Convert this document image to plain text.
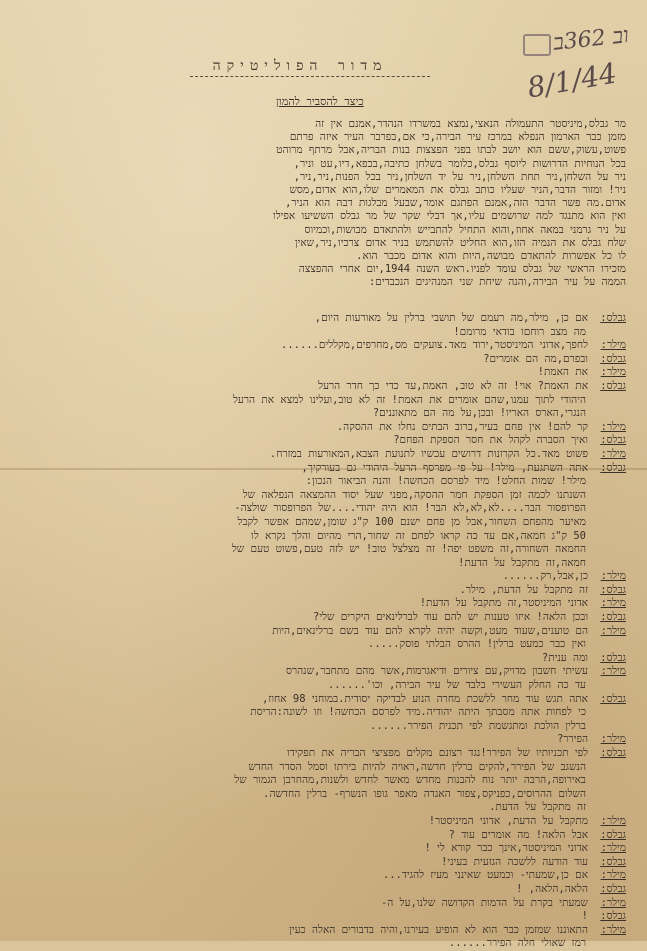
וב 362ב
8/1/44
מדור הפוליטיקה
כיצד להסביר להמון
מר גבלס,מיניסטר התעמולה הנאצי,נמצא במשרדו הנהדר,אמנם אין זה
מזמן כבר הארמון הנפלא במרכז עיר הבירה,כי אם,בפרבר העיר איזה פרתם
פשוט,עשוק,ששם הוא יושב לבתו בפני הפצצות בנות הבריה,אבל מרתף מרוהט
בכל הנוחיות הדרושות ליוסף גבלס,כלומר בשלחן כתיבה,בכפא,דיו,עט וניר,
ניר על השלחן,ניר תחת השלחן,ניר על יד השלחן,ניר בכל הפנות,ניר,ניר,
ניר! ומזור הדבר,הניר שעליו כותב גבלס את המאמרים שלו,הוא אדום,מסש
אדום.מה פשר הדבר הזה,אמנם הפתגם אומר,שבעל מבלגות דבה הוא הניר,
ואין הוא מתנגד למה שרושמים עליו,אך דבלי שקר של מר גבלס הששיעו אפילו
על ניר גרמני במאה אחוז,והוא התחיל להתבייש ולהתאדם מבושות,וכמיוס
שלח גבלס את הנמיה הזו,הוא החליט להשתמש בניר אדום צרכיו,ניר,שאין
לו כל אפשרות להתאדם מבושה,היות והוא אדום מכבר הוא.
מזכירו הראשי של גבלס עומד לפניו.ראש השנה 1944,יום אחרי ההפצצה
הממה על עיר הבירה,והנה שיחת שני המנהיגים הנכבדים:
גבלס:
אם כן, מילר,מה רעמם של תושבי ברלין על מאורעות היום,
מה מצב רוחםו בודאי מרומם!
מילר:
לחפך,אדוני המיניסטר,ירוד מאד.צועקים מס,מחרפים,מקללים......
גבלס:
ובפרם,מה הם אומרים?
מילר:
את האמת!
גבלס:
את האמת? אוי! זה לא טוב, האמת,עד כדי כך חדר הרעל
היהודי לתוך עמנו,שהם אומרים את האמת! זה לא טוב,ועלינו למצא את הרעל
הנגרי,הארס האריו! ובכן,על מה הם מתאוננים?
מילר:
קר להם! אין פחם בעיר,ברוב הבתים נחלו את ההסקה.
גבלס:
ואיך הסברה לקהל את חסר הספקת הפחם?
מילר:
פשוט מאד.כל הקרונות דרושים עכשיו לתנועת הצבא,המאורעות במזרח.
גבלס:
אתה השתגעת, מילר! על פי מפרסף הרעל היהודי גם בעורקיך,
מילר! שמות החלט! מיד לפרסם הכחשה! והנה הביאור הנכון:
השנתנו לכמה זמן הספקת חמר ההסקה,מפני שעל יסוד ההמצאה הנפלאה של
הפרופסור הבר....לא,לא,לא הבר! הוא היה יהודי....של הפרופסור שולצה-
מאיער מהפחם השחור,אבל מן פחם ישנם 100 ק"ג שומן,שמהם אפשר לקבל
50 ק"ג חמאה,אם עד כה קראו לפחם זה שחור,הרי מהיום והלך נקרא לו
החמאה השחורה,זה משפט יפה! זה מצלצל טוב! יש לזה טעם,פשוט טעם של
חמאה,זה מתקבל על הדעת!
מילר:
כן,אבל,רק......
גבלס:
זה מתקבל על הדעת, מילר.
מילר:
אדוני המיניסטר,זה מתקבל על הדעת!
גבלס:
ובכן הלאה! איזו טענות יש להם עוד לברלינאים היקרים שלי?
מילר:
הם טוענים,שעוד מעט,וקשה יהיה לקרא להם עוד בשם ברלינאים,היות
ואין כבר כמעט ברלין! ההרס הבלתי פוסק.....
גבלס:
ומה ענית?
מילר:
עשיתי חשבון מדויק,עם ציורים ודיאגרמות,אשר מהם מתחבר,שנהרס
עד כה החלק העשירי בלבד של עיר הבירה, וכו'......
גבלס:
אתה תגש עוד מחר ללשכת מחרה הנוע לבדיקה יסודית.במוחני 98 אחוז,
כי לפחות אתה מסבתך היתה יהודיה.מיד לפרסם הכחשה! וזו לשונה:הריסת
ברלין הולכת ומתגשמת לפי תכנית הפירר......
מילר:
הפירר?
גבלס:
לפי תכניותיו של הפירר!נגד רצונם מקלים מפציצי הבריה את תפקידו
הנשגב של הפירר,להקים ברלין חדשה,ראויה להיות בירתו וסמל הסדר החדש
באירופה,הרבה יותר נוח להבנות מחדש מאשר לחדש ולשנות,מהחרבן הגמור של
השלום ההרוסים,כפניקס,צפור האגדה מאפר גופו הנשרף- ברלין החדשה.
זה מתקבל על הדעת.
מילר:
מתקבל על הדעת, אדוני המיניסטר!
גבלס:
אבל הלאה! מה אומרים עוד ?
מילר:
אדוני המיניסטר,אינך כבר קורא לי !
גבלס:
עוד הודעה ללשכה הגזעית בעיני!
מילר:
אם כן,שמעתי- וכמעט שאינני מעיז להגיד...
גבלס:
הלאה,הלאה, !
מילר:
שמעתי בקרת על הדמות הקדושה שלנו,על ה-
גבלס:
!
מילר:
התאוננו שמזמן כבר הוא לא הופיע בעירנו,והיה בדבורים האלה כעין
רמז שאולי חלה הפירר......
